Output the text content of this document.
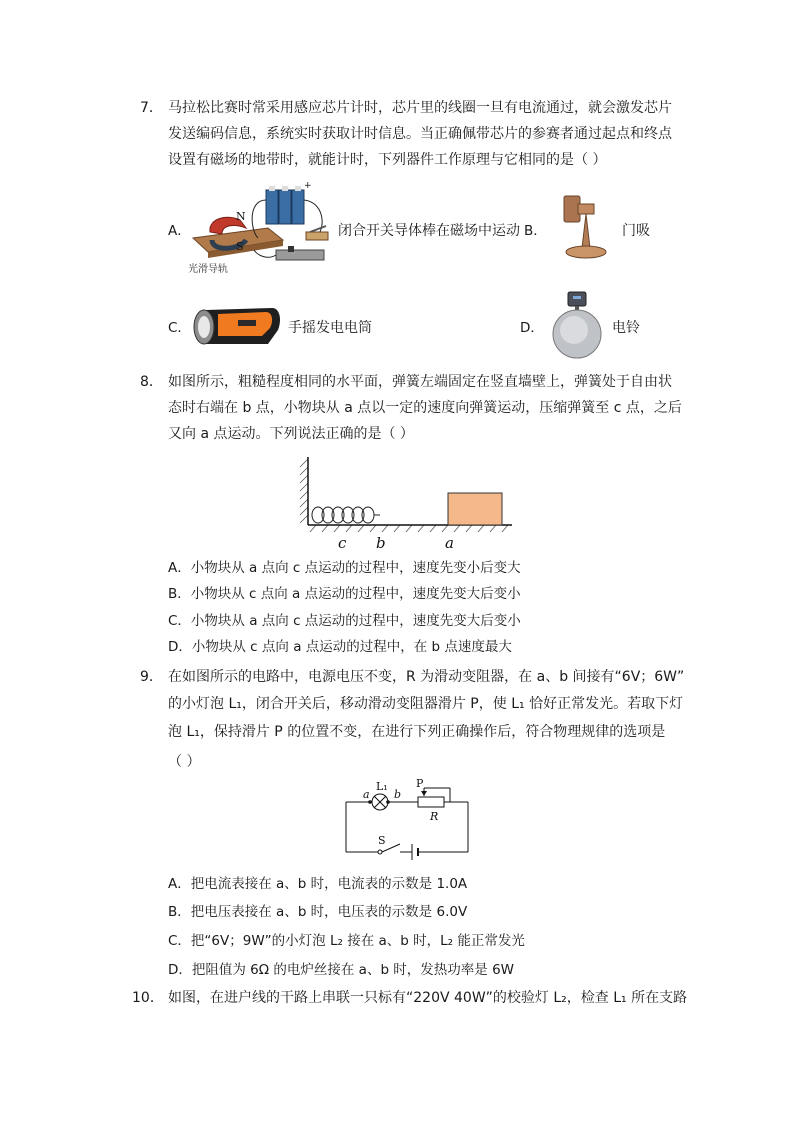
7． 马拉松比赛时常采用感应芯片计时，芯片里的线圈一旦有电流通过，就会激发芯片
发送编码信息，系统实时获取计时信息。当正确佩带芯片的参赛者通过起点和终点
设置有磁场的地带时，就能计时，下列器件工作原理与它相同的是（ ）
A．
N
S
+
光滑导轨
闭合开关导体棒在磁场中运动 B．	门吸
C．	手摇发电电筒	D．	电铃
8． 如图所示，粗糙程度相同的水平面，弹簧左端固定在竖直墙壁上，弹簧处于自由状
态时右端在 b 点，小物块从 a 点以一定的速度向弹簧运动，压缩弹簧至 c 点，之后
又向 a 点运动。下列说法正确的是（ ）
c b	a
A．小物块从 a 点向 c 点运动的过程中，速度先变小后变大
B．小物块从 c 点向 a 点运动的过程中，速度先变大后变小
C．小物块从 a 点向 c 点运动的过程中，速度先变大后变小
D．小物块从 c 点向 a 点运动的过程中，在 b 点速度最大
9． 在如图所示的电路中，电源电压不变，R 为滑动变阻器，在 a、b 间接有“6V；6W”
的小灯泡 L₁，闭合开关后，移动滑动变阻器滑片 P，使 L₁ 恰好正常发光。若取下灯
泡 L₁，保持滑片 P 的位置不变，在进行下列正确操作后，符合物理规律的选项是
（ ）
a b
L₁	P
R
S
A．把电流表接在 a、b 时，电流表的示数是 1.0A
B．把电压表接在 a、b 时，电压表的示数是 6.0V
C．把“6V；9W”的小灯泡 L₂ 接在 a、b 时，L₂ 能正常发光
D．把阻值为 6Ω 的电炉丝接在 a、b 时，发热功率是 6W
10． 如图，在进户线的干路上串联一只标有“220V 40W”的校验灯 L₂，检查 L₁ 所在支路
